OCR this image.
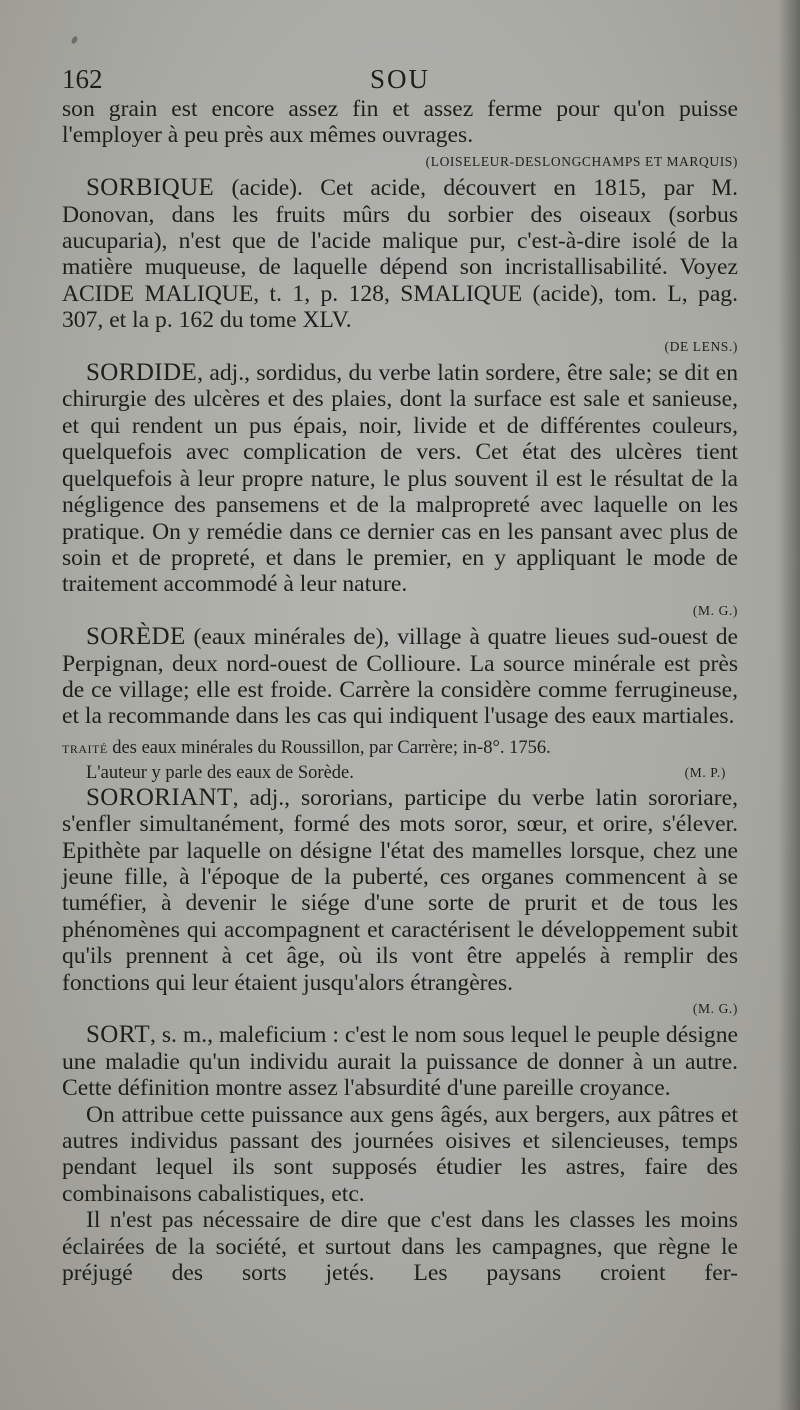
162	SOU

son grain est encore assez fin et assez ferme pour qu'on puisse l'employer à peu près aux mêmes ouvrages.

(LOISELEUR-DESLONGCHAMPS ET MARQUIS)

SORBIQUE (acide). Cet acide, découvert en 1815, par M. Donovan, dans les fruits mûrs du sorbier des oiseaux (sorbus aucuparia), n'est que de l'acide malique pur, c'est-à-dire isolé de la matière muqueuse, de laquelle dépend son incristallisabilité. Voyez ACIDE MALIQUE, t. 1, p. 128, SMALIQUE (acide), tom. L, pag. 307, et la p. 162 du tome XLV.

(DE LENS.)

SORDIDE, adj., sordidus, du verbe latin sordere, être sale; se dit en chirurgie des ulcères et des plaies, dont la surface est sale et sanieuse, et qui rendent un pus épais, noir, livide et de différentes couleurs, quelquefois avec complication de vers. Cet état des ulcères tient quelquefois à leur propre nature, le plus souvent il est le résultat de la négligence des pansemens et de la malpropreté avec laquelle on les pratique. On y remédie dans ce dernier cas en les pansant avec plus de soin et de propreté, et dans le premier, en y appliquant le mode de traitement accommodé à leur nature.

(M. G.)

SORÈDE (eaux minérales de), village à quatre lieues sud-ouest de Perpignan, deux nord-ouest de Collioure. La source minérale est près de ce village; elle est froide. Carrère la considère comme ferrugineuse, et la recommande dans les cas qui indiquent l'usage des eaux martiales.

TRAITÉ des eaux minérales du Roussillon, par Carrère; in-8°. 1756.

L'auteur y parle des eaux de Sorède.	(M. P.)

SORORIANT, adj., sororians, participe du verbe latin sororiare, s'enfler simultanément, formé des mots soror, sœur, et orire, s'élever. Epithète par laquelle on désigne l'état des mamelles lorsque, chez une jeune fille, à l'époque de la puberté, ces organes commencent à se tuméfier, à devenir le siége d'une sorte de prurit et de tous les phénomènes qui accompagnent et caractérisent le développement subit qu'ils prennent à cet âge, où ils vont être appelés à remplir des fonctions qui leur étaient jusqu'alors étrangères.

(M. G.)

SORT, s. m., maleficium : c'est le nom sous lequel le peuple désigne une maladie qu'un individu aurait la puissance de donner à un autre. Cette définition montre assez l'absurdité d'une pareille croyance.

On attribue cette puissance aux gens âgés, aux bergers, aux pâtres et autres individus passant des journées oisives et silencieuses, temps pendant lequel ils sont supposés étudier les astres, faire des combinaisons cabalistiques, etc.

Il n'est pas nécessaire de dire que c'est dans les classes les moins éclairées de la société, et surtout dans les campagnes, que règne le préjugé des sorts jetés. Les paysans croient fer-
